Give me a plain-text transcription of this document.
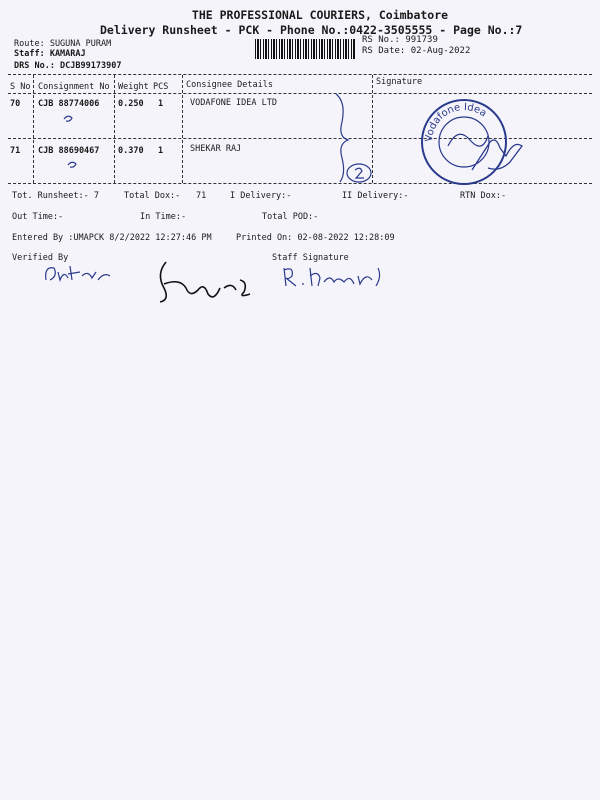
THE PROFESSIONAL COURIERS, Coimbatore
Delivery Runsheet - PCK - Phone No.:0422-3505555 - Page No.:7
Route: SUGUNA PURAM
Staff: KAMARAJ
DRS No.: DCJB99173907
RS No.: 991739
RS Date: 02-Aug-2022
S No Consignment No Weight PCS Consignee Details	Signature
70 CJB 88774006 0.250 1	VODAFONE IDEA LTD
71 CJB 88690467 0.370 1	SHEKAR RAJ
Vodafone Idea
Tot. Runsheet:- 7	Total Dox:- 71	I Delivery:-	II Delivery:-	RTN Dox:-
Out Time:-	In Time:-	Total POD:-
Entered By :UMAPCK 8/2/2022 12:27:46 PM	Printed On: 02-08-2022 12:28:09
Verified By	Staff Signature
